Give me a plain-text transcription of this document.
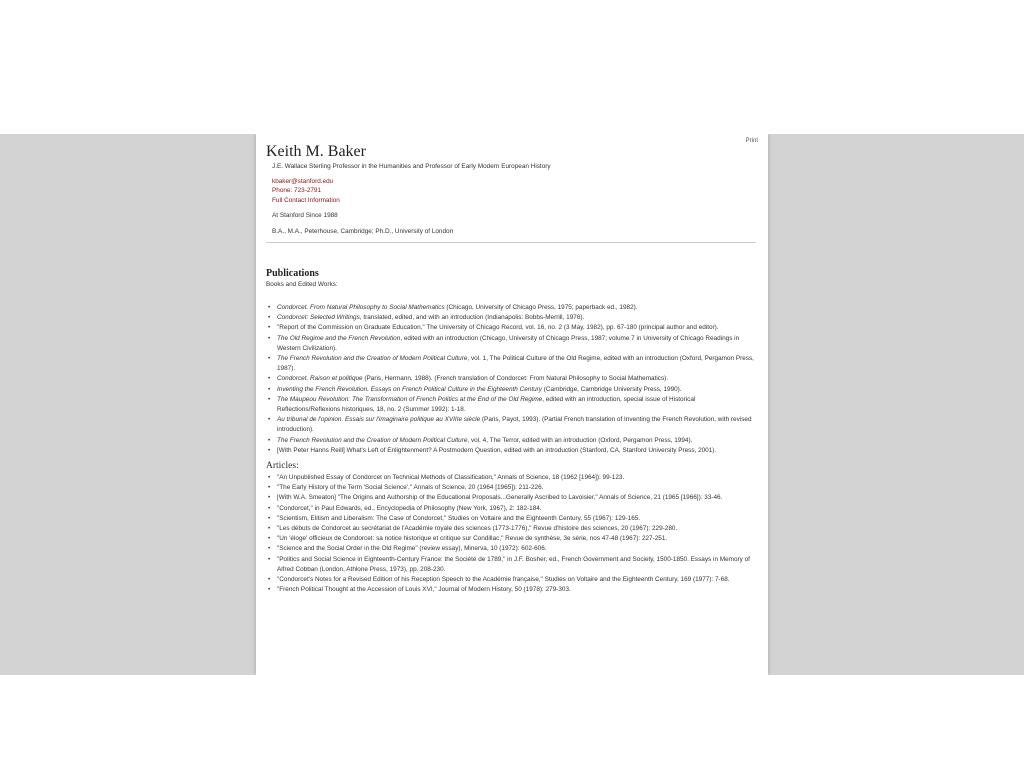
Print
Keith M. Baker

J.E. Wallace Sterling Professor in the Humanities and Professor of Early Modern European History

kbaker@stanford.edu

Phone: 723-2791

Full Contact Information

At Stanford Since 1988

B.A., M.A., Peterhouse, Cambridge; Ph.D., University of London

Publications
Books and Edited Works:
• Condorcet. From Natural Philosophy to Social Mathematics (Chicago, University of Chicago Press, 1975; paperback ed., 1982).
• Condorcet: Selected Writings, translated, edited, and with an introduction (Indianapolis: Bobbs-Merrill, 1976).
• "Report of the Commission on Graduate Education," The University of Chicago Record, vol. 16, no. 2 (3 May, 1982), pp. 67-180 (principal author and editor).
• The Old Regime and the French Revolution, edited with an introduction (Chicago, University of Chicago Press, 1987; volume 7 in University of Chicago Readings in Western Civilization).
• The French Revolution and the Creation of Modern Political Culture, vol. 1, The Political Culture of the Old Regime, edited with an introduction (Oxford, Pergamon Press, 1987).
• Condorcet. Raison et politique (Paris, Hermann, 1988). (French translation of Condorcet: From Natural Philosophy to Social Mathematics).
• Inventing the French Revolution. Essays on French Political Culture in the Eighteenth Century (Cambridge, Cambridge University Press, 1990).
• The Maupeou Revolution: The Transformation of French Politics at the End of the Old Regime, edited with an introduction, special issue of Historical Reflections/Reflexions historiques, 18, no. 2 (Summer 1992): 1-18.
• Au tribunal de l'opinion. Essais sur l'imaginaire politique au XVIIIe siècle (Paris, Payot, 1993). (Partial French translation of Inventing the French Revolution, with revised introduction).
• The French Revolution and the Creation of Modern Political Culture, vol. 4, The Terror, edited with an introduction (Oxford, Pergamon Press, 1994).
• [With Peter Hanns Reill] What's Left of Enlightenment? A Postmodern Question, edited with an introduction (Stanford, CA, Stanford University Press, 2001).
Articles:
• "An Unpublished Essay of Condorcet on Technical Methods of Classification," Annals of Science, 18 (1962 [1964]): 99-123.
• "The Early History of the Term 'Social Science'," Annals of Science, 20 (1964 [1965]): 211-226.
• [With W.A. Smeaton] "The Origins and Authorship of the Educational Proposals...Generally Ascribed to Lavoisier," Annals of Science, 21 (1965 [1966]): 33-46.
• "Condorcet," in Paul Edwards, ed., Encyclopedia of Philosophy (New York, 1967), 2: 182-184.
• "Scientism, Elitism and Liberalism: The Case of Condorcet," Studies on Voltaire and the Eighteenth Century, 55 (1967): 129-165.
• "Les débuts de Condorcet au secrétariat de l'Académie royale des sciences (1773-1776)," Revue d'histoire des sciences, 20 (1967): 229-280.
• "Un 'éloge' officieux de Condorcet: sa notice historique et critique sur Condillac," Revue de synthèse, 3e série, nos 47-48 (1967): 227-251.
• "Science and the Social Order in the Old Regime" (review essay), Minerva, 10 (1972): 602-606.
• "Politics and Social Science in Eighteenth-Century France: the Société de 1789," in J.F. Bosher, ed., French Government and Society, 1500-1850. Essays in Memory of Alfred Cobban (London, Athlone Press, 1973), pp. 208-230.
• "Condorcet's Notes for a Revised Edition of his Reception Speech to the Académie française," Studies on Voltaire and the Eighteenth Century, 169 (1977): 7-68.
• "French Political Thought at the Accession of Louis XVI," Journal of Modern History, 50 (1978): 279-303.
